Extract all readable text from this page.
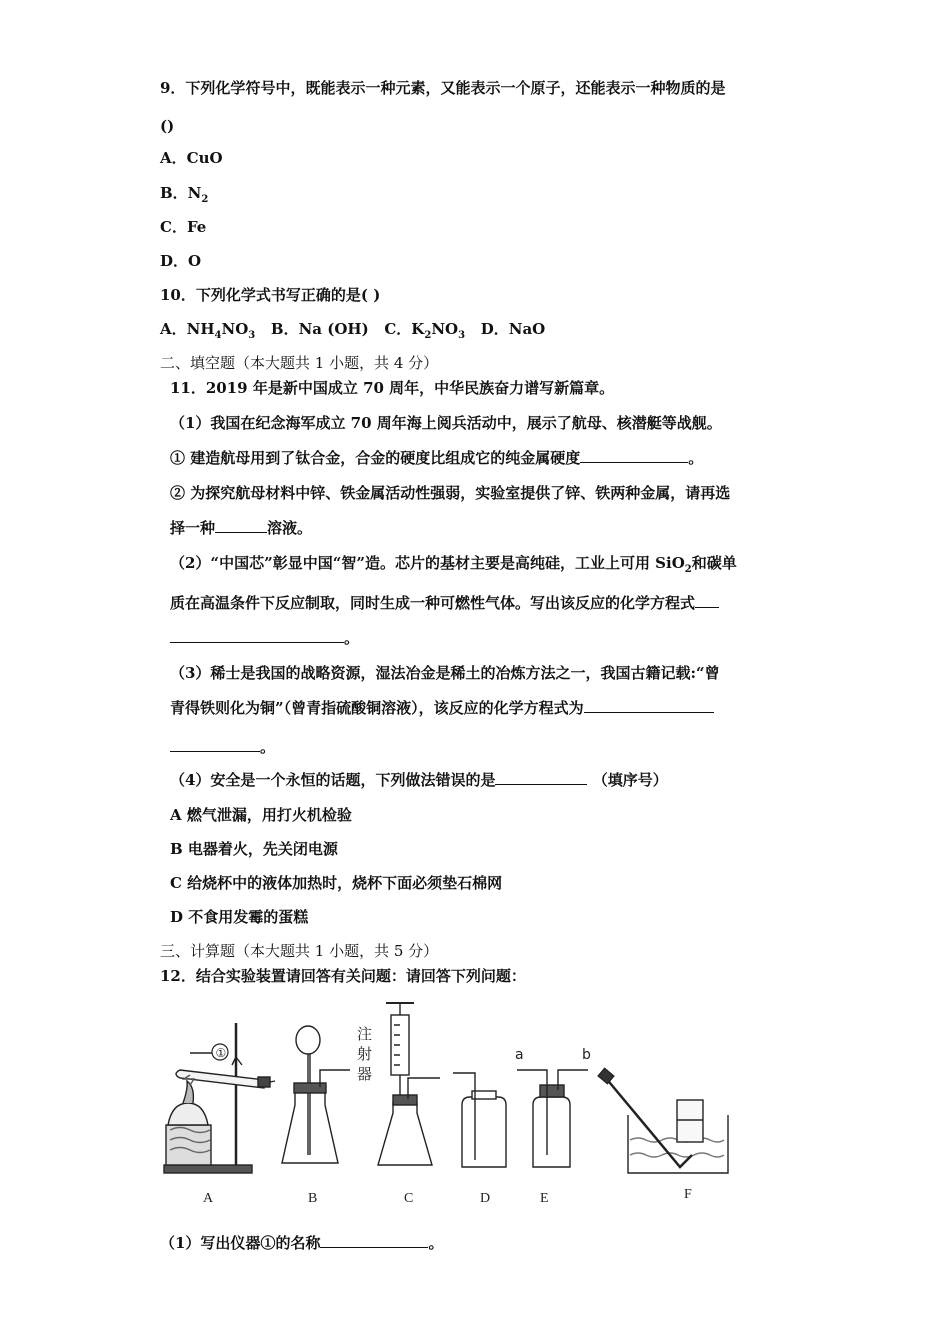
9．下列化学符号中，既能表示一种元素，又能表示一个原子，还能表示一种物质的是
()
A．CuO
B．$N_2$
C．Fe
D．O
10．下列化学式书写正确的是( )
A．$NH_4NO_3$ B．Na (OH) C．$K_2NO_3$ D．NaO
二、填空题（本大题共 1 小题，共 4 分）
11．2019 年是新中国成立 70 周年，中华民族奋力谱写新篇章。
（1）我国在纪念海军成立 70 周年海上阅兵活动中，展示了航母、核潜艇等战舰。
① 建造航母用到了钛合金，合金的硬度比组成它的纯金属硬度	。
② 为探究航母材料中锌、铁金属活动性强弱，实验室提供了锌、铁两种金属，请再选
择一种	溶液。
（2）“中国芯”彰显中国“智”造。芯片的基材主要是高纯硅，工业上可用 SiO$_2$和碳单
质在高温条件下反应制取，同时生成一种可燃性气体。写出该反应的化学方程式
。
（3）稀士是我国的战略资源，湿法冶金是稀土的冶炼方法之一，我国古籍记载:“曾
青得铁则化为铜”（曾青指硫酸铜溶液），该反应的化学方程式为
。
（4）安全是一个永恒的话题，下列做法错误的是	（填序号）
A 燃气泄漏，用打火机检验
B 电器着火，先关闭电源
C 给烧杯中的液体加热时，烧杯下面必须垫石棉网
D 不食用发霉的蛋糕
三、计算题（本大题共 1 小题，共 5 分）
12．结合实验装置请回答有关问题：请回答下列问题：
①
注
射
器
a	b
A	B	C	D	E	F
（1）写出仪器①的名称	。
